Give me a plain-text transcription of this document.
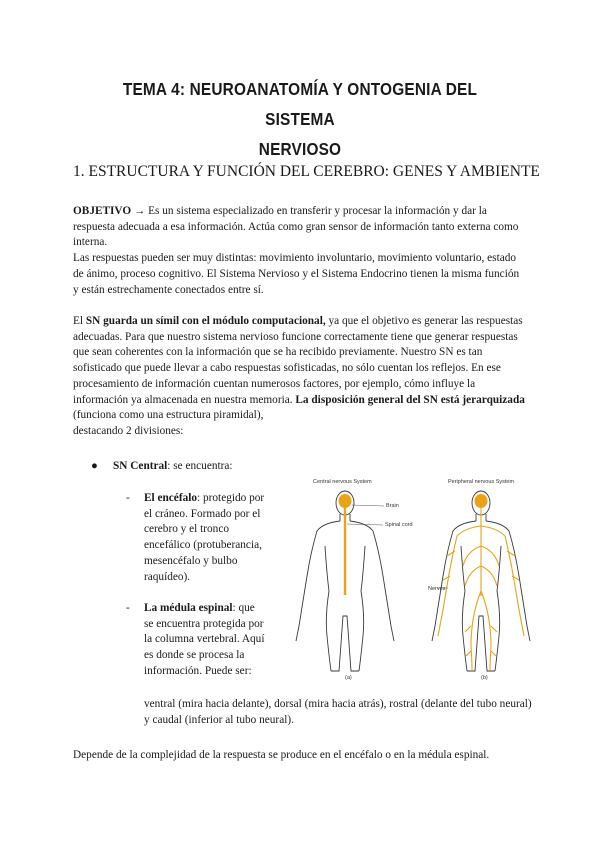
TEMA 4: NEUROANATOMÍA Y ONTOGENIA DEL SISTEMA
NERVIOSO
1. ESTRUCTURA Y FUNCIÓN DEL CEREBRO: GENES Y AMBIENTE
OBJETIVO → Es un sistema especializado en transferir y procesar la información y dar la respuesta adecuada a esa información. Actúa como gran sensor de información tanto externa como interna.
Las respuestas pueden ser muy distintas: movimiento involuntario, movimiento voluntario, estado de ánimo, proceso cognitivo. El Sistema Nervioso y el Sistema Endocrino tienen la misma función y están estrechamente conectados entre sí.
El SN guarda un símil con el módulo computacional, ya que el objetivo es generar las respuestas adecuadas. Para que nuestro sistema nervioso funcione correctamente tiene que generar respuestas que sean coherentes con la información que se ha recibido previamente. Nuestro SN es tan sofisticado que puede llevar a cabo respuestas sofisticadas, no sólo cuentan los reflejos. En ese procesamiento de información cuentan numerosos factores, por ejemplo, cómo influye la información ya almacenada en nuestra memoria. La disposición general del SN está jerarquizada (funciona como una estructura piramidal),
destacando 2 divisiones:
● SN Central: se encuentra:
- El encéfalo: protegido por el cráneo. Formado por el cerebro y el tronco encefálico (protuberancia, mesencéfalo y bulbo raquídeo).
- La médula espinal: que se encuentra protegida por la columna vertebral. Aquí es donde se procesa la información. Puede ser:
ventral (mira hacia delante), dorsal (mira hacia atrás), rostral (delante del tubo neural) y caudal (inferior al tubo neural).
Depende de la complejidad de la respuesta se produce en el encéfalo o en la médula espinal.
Central nervous System	Peripheral nervous System
Brain
Spinal cord
Nerves
(a)	(b)
